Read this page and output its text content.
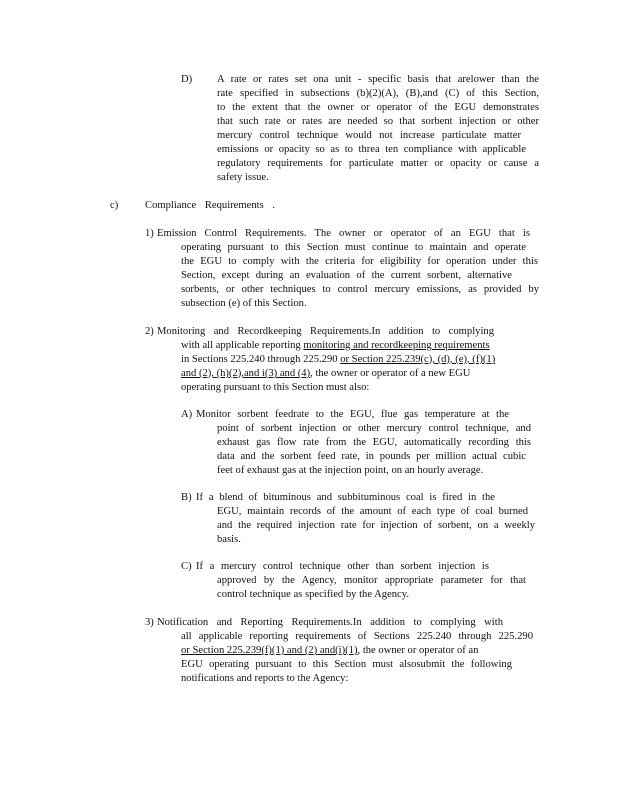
D) A rate or rates set ona unit - specific basis that arelower than the
rate specified in subsections (b)(2)(A), (B),and (C) of this Section,
to the extent that the owner or operator of the EGU demonstrates
that such rate or rates are needed so that sorbent injection or other
mercury control technique would not increase particulate matter
emissions or opacity so as to threa ten compliance with applicable
regulatory requirements for particulate matter or opacity or cause a
safety issue.
c)	Compliance Requirements .
1) Emission Control Requirements. The owner or operator of an EGU that is
operating pursuant to this Section must continue to maintain and operate
the EGU to comply with the criteria for eligibility for operation under this
Section, except during an evaluation of the current sorbent, alternative
sorbents, or other techniques to control mercury emissions, as provided by
subsection (e) of this Section.
2) Monitoring and Recordkeeping Requirements.In addition to complying
with all applicable reporting monitoring and recordkeeping requirements
in Sections 225.240 through 225.290 or Section 225.239(c), (d), (e), (f)(1)
and (2), (h)(2),and i(3) and (4), the owner or operator of a new EGU
operating pursuant to this Section must also:
A) Monitor sorbent feedrate to the EGU, flue gas temperature at the
point of sorbent injection or other mercury control technique, and
exhaust gas flow rate from the EGU, automatically recording this
data and the sorbent feed rate, in pounds per million actual cubic
feet of exhaust gas at the injection point, on an hourly average.
B) If a blend of bituminous and subbituminous coal is fired in the
EGU, maintain records of the amount of each type of coal burned
and the required injection rate for injection of sorbent, on a weekly
basis.
C) If a mercury control technique other than sorbent injection is
approved by the Agency, monitor appropriate parameter for that
control technique as specified by the Agency.
3) Notification and Reporting Requirements.In addition to complying with
all applicable reporting requirements of Sections 225.240 through 225.290
or Section 225.239(f)(1) and (2) and(i)(1), the owner or operator of an
EGU operating pursuant to this Section must alsosubmit the following
notifications and reports to the Agency:
